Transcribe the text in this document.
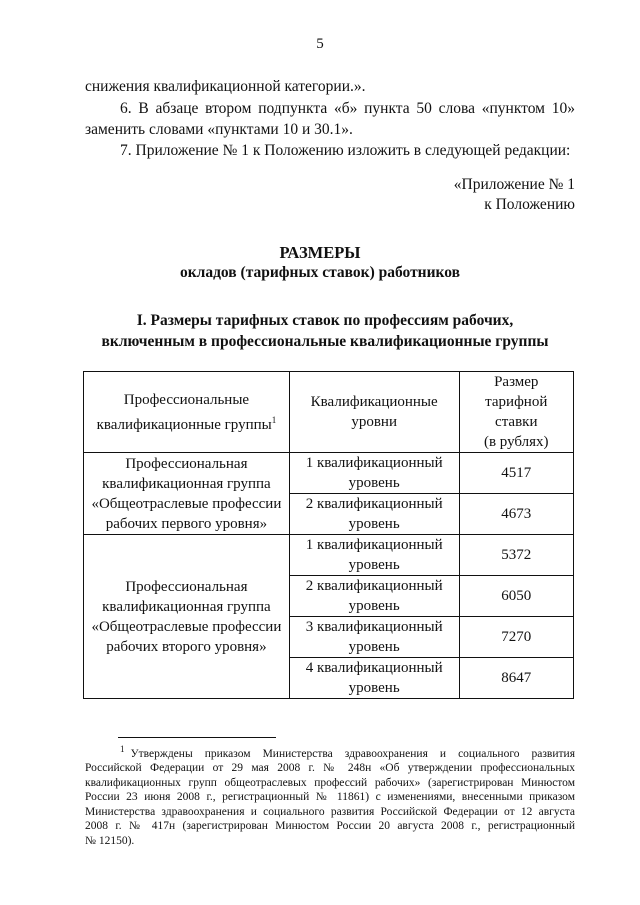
5
снижения квалификационной категории.».
6. В абзаце втором подпункта «б» пункта 50 слова «пунктом 10»
заменить словами «пунктами 10 и 30.1».
7. Приложение № 1 к Положению изложить в следующей редакции:
«Приложение № 1
к Положению
РАЗМЕРЫ
окладов (тарифных ставок) работников
I. Размеры тарифных ставок по профессиям рабочих,
включенным в профессиональные квалификационные группы
Профессиональные
квалификационные группы$^1$	Квалификационные
уровни	Размер
тарифной ставки
(в рублях)

Профессиональная
квалификационная группа
«Общеотраслевые профессии
рабочих первого уровня»	1 квалификационный
уровень	4517

	2 квалификационный
уровень	4673

Профессиональная
квалификационная группа
«Общеотраслевые профессии
рабочих второго уровня»	1 квалификационный
уровень	5372

	2 квалификационный
уровень	6050

	3 квалификационный
уровень	7270

	4 квалификационный
уровень	8647
$^1$ Утверждены приказом Министерства здравоохранения и социального развития
Российской Федерации от 29 мая 2008 г. № 248н «Об утверждении профессиональных
квалификационных групп общеотраслевых профессий рабочих» (зарегистрирован Минюстом
России 23 июня 2008 г., регистрационный № 11861) с изменениями, внесенными приказом
Министерства здравоохранения и социального развития Российской Федерации от 12 августа
2008 г. № 417н (зарегистрирован Минюстом России 20 августа 2008 г., регистрационный
№ 12150).
